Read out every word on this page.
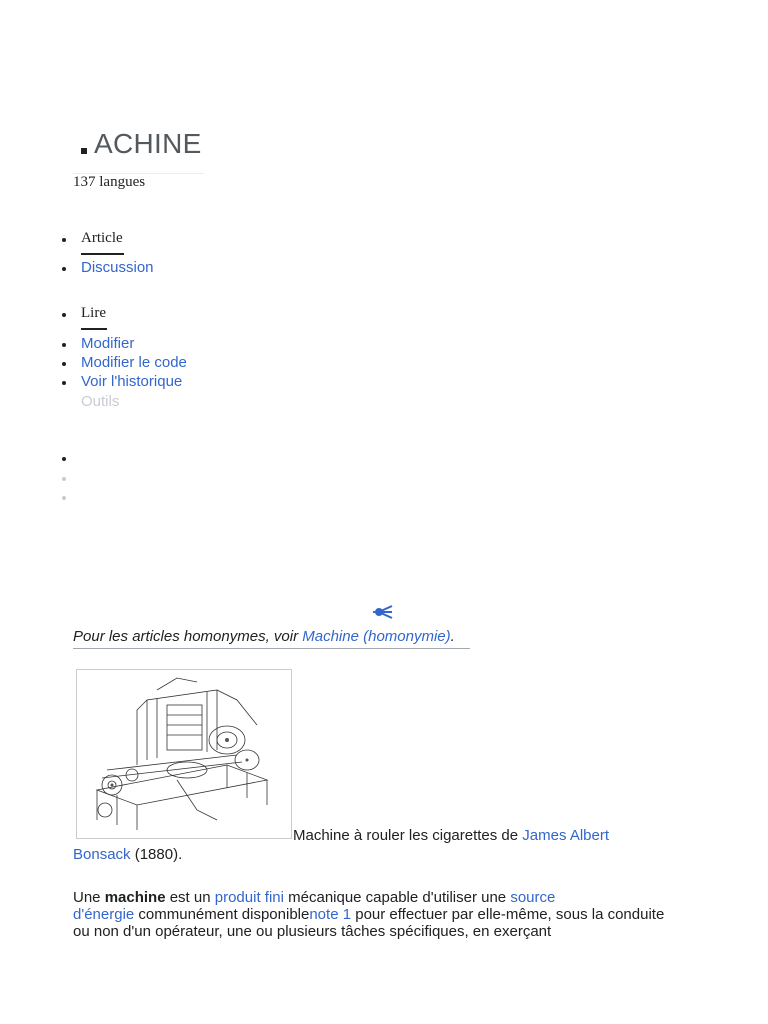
ACHINE
137 langues
Article
Discussion
Lire
Modifier
Modifier le code
Voir l'historique
Outils
Pour les articles homonymes, voir Machine (homonymie).
Machine à rouler les cigarettes de James Albert
Bonsack (1880).
Une machine est un produit fini mécanique capable d'utiliser une source
d'énergie communément disponiblenote 1 pour effectuer par elle-même, sous la conduite
ou non d'un opérateur, une ou plusieurs tâches spécifiques, en exerçant
